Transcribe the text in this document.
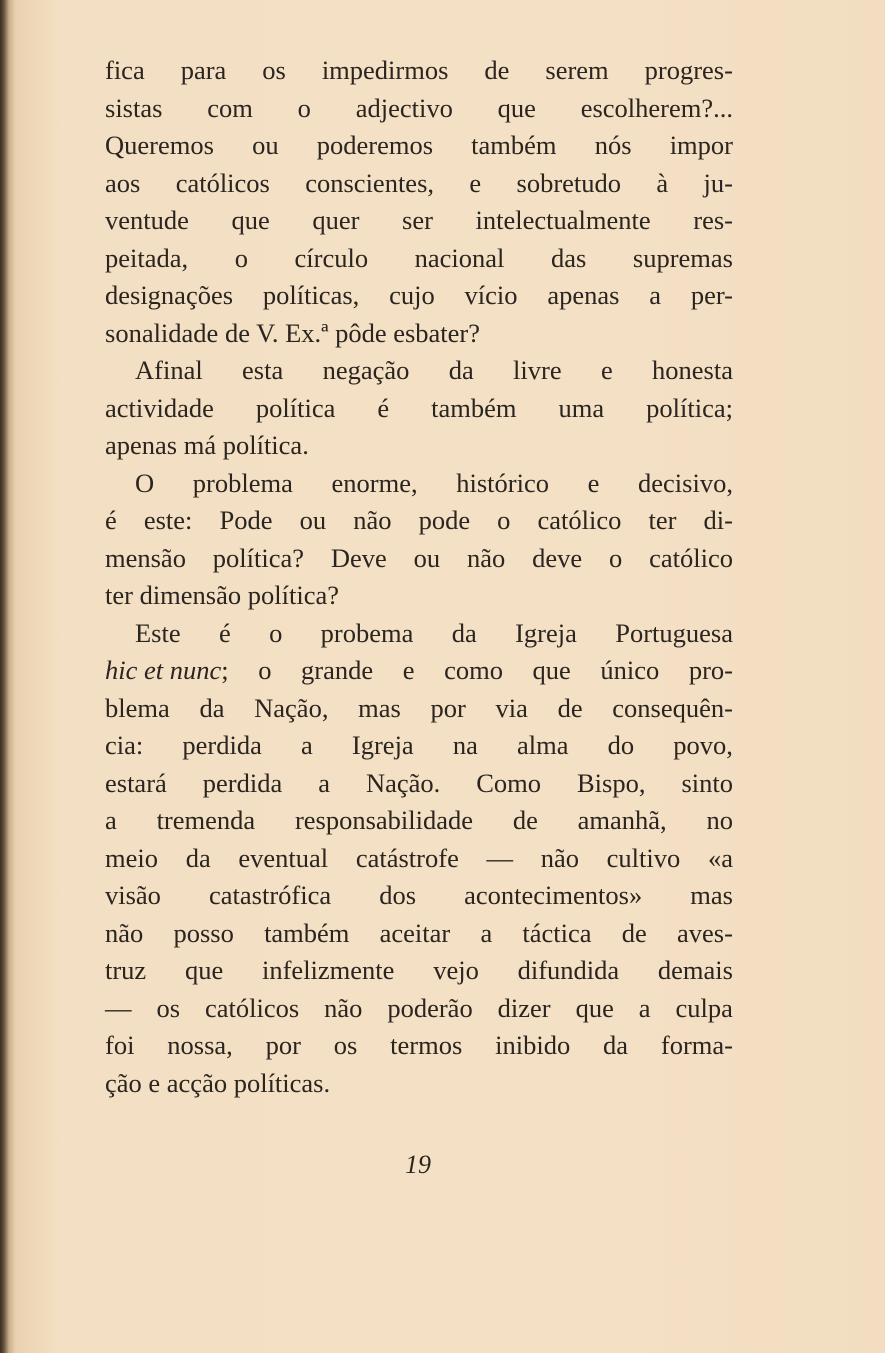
fica para os impedirmos de serem progres-
sistas com o adjectivo que escolherem?...
Queremos ou poderemos também nós impor
aos católicos conscientes, e sobretudo à ju-
ventude que quer ser intelectualmente res-
peitada, o círculo nacional das supremas
designações políticas, cujo vício apenas a per-
sonalidade de V. Ex.ª pôde esbater?
Afinal esta negação da livre e honesta
actividade política é também uma política;
apenas má política.
O problema enorme, histórico e decisivo,
é este: Pode ou não pode o católico ter di-
mensão política? Deve ou não deve o católico
ter dimensão política?
Este é o probema da Igreja Portuguesa
hic et nunc; o grande e como que único pro-
blema da Nação, mas por via de consequên-
cia: perdida a Igreja na alma do povo,
estará perdida a Nação. Como Bispo, sinto
a tremenda responsabilidade de amanhã, no
meio da eventual catástrofe — não cultivo «a
visão catastrófica dos acontecimentos» mas
não posso também aceitar a táctica de aves-
truz que infelizmente vejo difundida demais
— os católicos não poderão dizer que a culpa
foi nossa, por os termos inibido da forma-
ção e acção políticas.
19
